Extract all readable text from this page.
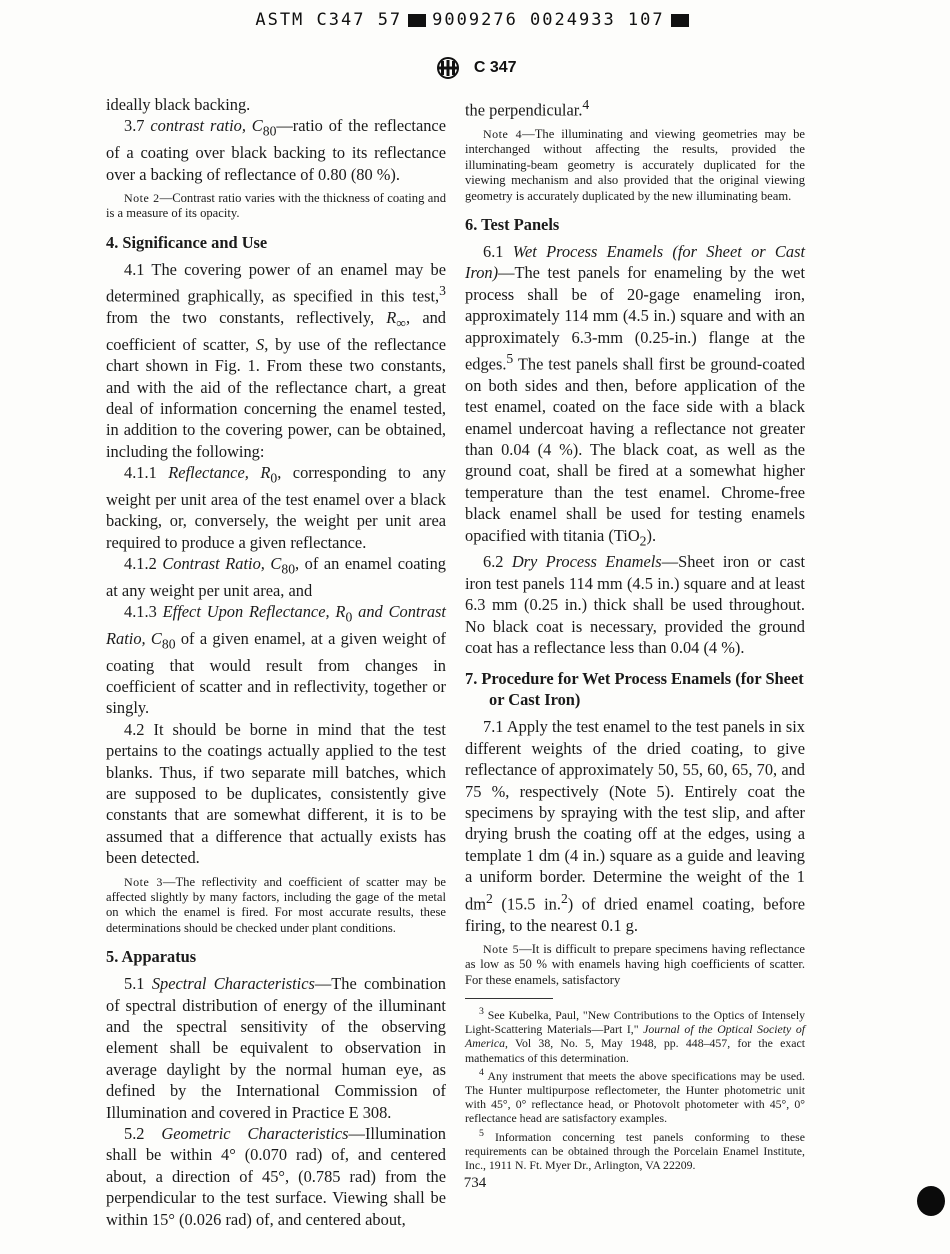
ASTM C347 57 9009276 0024933 107
C 347

ideally black backing.

3.7 contrast ratio, $C_{80}—ratio$ of the reflectance of a coating over black backing to its reflectance over a backing of reflectance of 0.80 (80 %).

Note 2—Contrast ratio varies with the thickness of coating and is a measure of its opacity.

4. Significance and Use

4.1 The covering power of an enamel may be determined graphically, as specified in this test,$^3$ from the two constants, reflectively, $R_\infty$, and coefficient of scatter, S, by use of the reflectance chart shown in Fig. 1. From these two constants, and with the aid of the reflectance chart, a great deal of information concerning the enamel tested, in addition to the covering power, can be obtained, including the following:

4.1.1 Reflectance, $R_0$, corresponding to any weight per unit area of the test enamel over a black backing, or, conversely, the weight per unit area required to produce a given reflectance.

4.1.2 Contrast Ratio, $C_{80}$, of an enamel coating at any weight per unit area, and

4.1.3 Effect Upon Reflectance, $R_0$ and Contrast Ratio, $C_{80}$ of a given enamel, at a given weight of coating that would result from changes in coefficient of scatter and in reflectivity, together or singly.

4.2 It should be borne in mind that the test pertains to the coatings actually applied to the test blanks. Thus, if two separate mill batches, which are supposed to be duplicates, consistently give constants that are somewhat different, it is to be assumed that a difference that actually exists has been detected.

Note 3—The reflectivity and coefficient of scatter may be affected slightly by many factors, including the gage of the metal on which the enamel is fired. For most accurate results, these determinations should be checked under plant conditions.

5. Apparatus

5.1 Spectral Characteristics—The combination of spectral distribution of energy of the illuminant and the spectral sensitivity of the observing element shall be equivalent to observation in average daylight by the normal human eye, as defined by the International Commission of Illumination and covered in Practice E 308.

5.2 Geometric Characteristics—Illumination shall be within 4° (0.070 rad) of, and centered about, a direction of 45°, (0.785 rad) from the perpendicular to the test surface. Viewing shall be within 15° (0.026 rad) of, and centered about,

the perpendicular.$^4$

Note 4—The illuminating and viewing geometries may be interchanged without affecting the results, provided the illuminating-beam geometry is accurately duplicated for the viewing mechanism and also provided that the original viewing geometry is accurately duplicated by the new illuminating beam.

6. Test Panels

6.1 Wet Process Enamels (for Sheet or Cast Iron)—The test panels for enameling by the wet process shall be of 20-gage enameling iron, approximately 114 mm (4.5 in.) square and with an approximately 6.3-mm (0.25-in.) flange at the edges.$^5$ The test panels shall first be ground-coated on both sides and then, before application of the test enamel, coated on the face side with a black enamel undercoat having a reflectance not greater than 0.04 (4 %). The black coat, as well as the ground coat, shall be fired at a somewhat higher temperature than the test enamel. Chrome-free black enamel shall be used for testing enamels opacified with titania (TiO$_2$).

6.2 Dry Process Enamels—Sheet iron or cast iron test panels 114 mm (4.5 in.) square and at least 6.3 mm (0.25 in.) thick shall be used throughout. No black coat is necessary, provided the ground coat has a reflectance less than 0.04 (4 %).

7. Procedure for Wet Process Enamels (for Sheet or Cast Iron)

7.1 Apply the test enamel to the test panels in six different weights of the dried coating, to give reflectance of approximately 50, 55, 60, 65, 70, and 75 %, respectively (Note 5). Entirely coat the specimens by spraying with the test slip, and after drying brush the coating off at the edges, using a template 1 dm (4 in.) square as a guide and leaving a uniform border. Determine the weight of the 1 $dm^2$ (15.5 in.$^2$) of dried enamel coating, before firing, to the nearest 0.1 g.

Note 5—It is difficult to prepare specimens having reflectance as low as 50 % with enamels having high coefficients of scatter. For these enamels, satisfactory

$^3$ See Kubelka, Paul, "New Contributions to the Optics of Intensely Light-Scattering Materials—Part I," Journal of the Optical Society of America, Vol 38, No. 5, May 1948, pp. 448–457, for the exact mathematics of this determination.

$^4$ Any instrument that meets the above specifications may be used. The Hunter multipurpose reflectometer, the Hunter photometric unit with 45°, 0° reflectance head, or Photovolt photometer with 45°, 0° reflectance head are satisfactory examples.

$^5$ Information concerning test panels conforming to these requirements can be obtained through the Porcelain Enamel Institute, Inc., 1911 N. Ft. Myer Dr., Arlington, VA 22209.

734
